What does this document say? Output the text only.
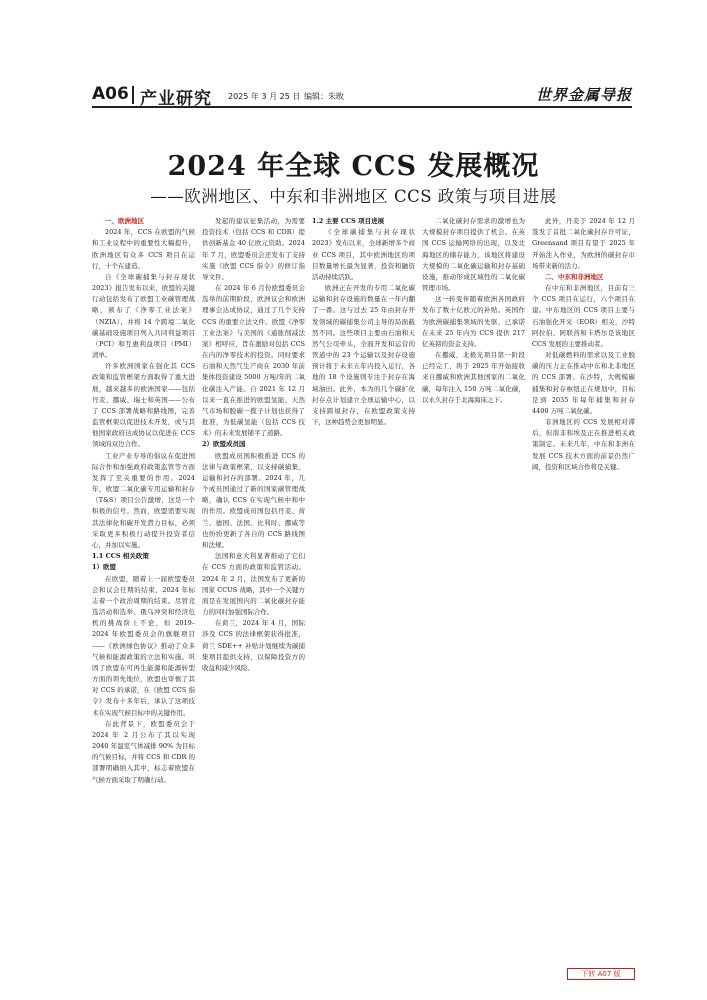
A06 产业研究 2025 年 3 月 25 日 编辑：朱畋	世界金属导报
2024 年全球 CCS 发展概况
——欧洲地区、中东和非洲地区 CCS 政策与项目进展

一、欧洲地区

2024 年，CCS 在欧盟的气候和工业议程中的重要性大幅提升，欧洲地区有众多 CCS 项目在运行，十个在建造。

自《全球碳捕集与封存现状 2023》报告发布以来，欧盟的关键行动包括发布了欧盟工业碳管理战略，颁布了《净零工业法案》（NZIA），并将 14 个跨境二氧化碳基础设施项目列入共同利益项目（PCI）和互惠利益项目（PMI）清单。

许多欧洲国家在强化其 CCS 政策和监管框架方面取得了重大进展，越来越多的欧洲国家——包括丹麦、挪威、瑞士和英国——公布了 CCS 部署战略和路线图，完善监管框架以促进技术开发，或与其他国家政府达成协议以促进在 CCS 领域的双边合作。

工业产业专导的倡议在促进国际合作和加强政府政策监管等方面发挥了至关重要的作用。2024 年，欧盟二氧化碳专用运输和封存（T&S）项目公告激增，这是一个积极的信号。然而，欧盟需要实现其法律化和碳开发潜力目标，必须采取更多积极行动提升投资者信心，并加以实施。

1.1 CCS 相关政策

1）欧盟

在欧盟，随着上一届欧盟委员会和议会任期的结束，2024 年标志着一个政治周期的结束。尽管竞选活动和选举、俄乌冲突和经济危机的挑战阶上不论，但 2019–2024 年欧盟委员会的旗舰项目——《欧洲绿色协议》推动了众多气候和能源政策的立法和实施。巩固了欧盟在可再生能源和能源转型方面的领先地位，欧盟也审慎了其对 CCS 的承诺，在《欧盟 CCS 指令》发布十多年后，承认了这项技术在实现气候目标中的关键作用。

在此背景下，欧盟委员会于 2024 年 2 月公布了其以实现 2040 年温室气体减排 90% 为目标的气候目标，并将 CCS 和 CDR 的部署明确纳入其中，标志着欧盟在气候方面采取了明确行动。

发起的建议征集活动，为需要投资技术（包括 CCS 和 CDR）提供创新基金 40 亿欧元资助。2024 年 7 月，欧盟委员会还发布了支持实施《欧盟 CCS 指令》的修订指导文件。

在 2024 年 6 月份欧盟委员会选举的前期阶段，欧洲议会和欧洲理事会达成协议，通过了几个支持 CCS 的重要立法文件。欧盟《净零工业法案》与美国的《通胀削减法案》相呼应，旨在激励对包括 CCS 在内的净零技术的投资。同时要求石油和天然气生产商在 2030 年前集体投资建设 5000 万吨/年的二氧化碳注入产能。自 2021 年 12 月以来一直在推进的欧盟氢能、天然气市场和脱碳一揽子计划也获得了批准，为低碳氢能（包括 CCS 技术）的未来发展铺平了道路。

2）欧盟成员国

欧盟成员国积极推进 CCS 的法律与政策框架，以支持碳捕集、运输和封存的部署。2024 年，几个成员国通过了新的国家碳管理战略，确认 CCS 在实现气候中和中的作用。欧盟成员国包括丹麦、荷兰、德国、法国、比利时、挪威等也纷纷更新了各自的 CCS 路线图和法规。

法国和意大利显著推动了它们在 CCS 方面的政策和监管活动。2024 年 2 月，法国发布了更新的国家 CCUS 战略，其中一个关键方面是在发展国内的二氧化碳封存能力的同时加强国际合作。

在荷兰，2024 年 4 月，国际涉及 CCS 的法律框架获得批准，荷兰 SDE++ 补贴计划继续为碳捕集项目提供支持，以保障投资方的收益和减少风险。

1.2 主要 CCS 项目进展

《全球碳捕集与封存现状 2023》发布以来，全球新增多个商业 CCS 项目，其中欧洲地区的项目数量增长最为显著，投资和融资活动持续活跃。

欧洲正在开发的专用二氧化碳运输和封存设施的数量在一年内翻了一番。这与过去 25 年由封存开发领域的碳捕集公司主导的局面截然不同。这些项目主要由石油和天然气公司牵头，全面开发和运营的管道中的 23 个运输以及封存设施预计将于未来五年内投入运行，各地的 18 个设施则专注于封存在海域油田。此外，本为的几个碳扩化封存点计划建立全球运输中心，以支持跨境封存，在欧盟政策支持下，这种趋势会更加明显。

二氧化碳封存需求的激增也为大规模封存项目提供了机会。在英国 CCS 运输网络的出现，以及北海地区的储存能力，该地区将建设大规模的二氧化碳运输和封存基础设施，推动形成区域性的二氧化碳管理市场。

这一转变伴随着欧洲各国政府发布了数十亿欧元的补贴。英国作为欧洲碳捕集领域的先驱，已承诺在未来 25 年内为 CCS 提供 217 亿英镑的资金支持。

在挪威，北极光项目第一阶段已经完工，将于 2025 年开始接收来自挪威和欧洲其他国家的二氧化碳，每年注入 150 万吨二氧化碳，以永久封存于北海海床之下。

此外，丹麦于 2024 年 12 月签发了首批二氧化碳封存许可证，Greensand 项目有望于 2025 年开始注入作业，为欧洲的碳封存市场带来新的活力。

二、中东和非洲地区

在中东和非洲地区，目前有三个 CCS 项目在运行，六个项目在建。中东地区的 CCS 项目主要与石油强化开采（EOR）相关，沙特阿拉伯、阿联酋和卡塔尔是该地区 CCS 发展的主要推动者。

对低碳燃料的需求以及工业脱碳的压力正在推动中东和北非地区的 CCS 部署。在沙特，大规模碳捕集和封存枢纽正在规划中，目标是到 2035 年每年捕集和封存 4400 万吨二氧化碳。

非洲地区的 CCS 发展相对滞后，但南非和埃及正在推进相关政策制定。未来几年，中东和非洲在发展 CCS 技术方面的前景仍然广阔，投资和区域合作将是关键。

下转 A07 版
